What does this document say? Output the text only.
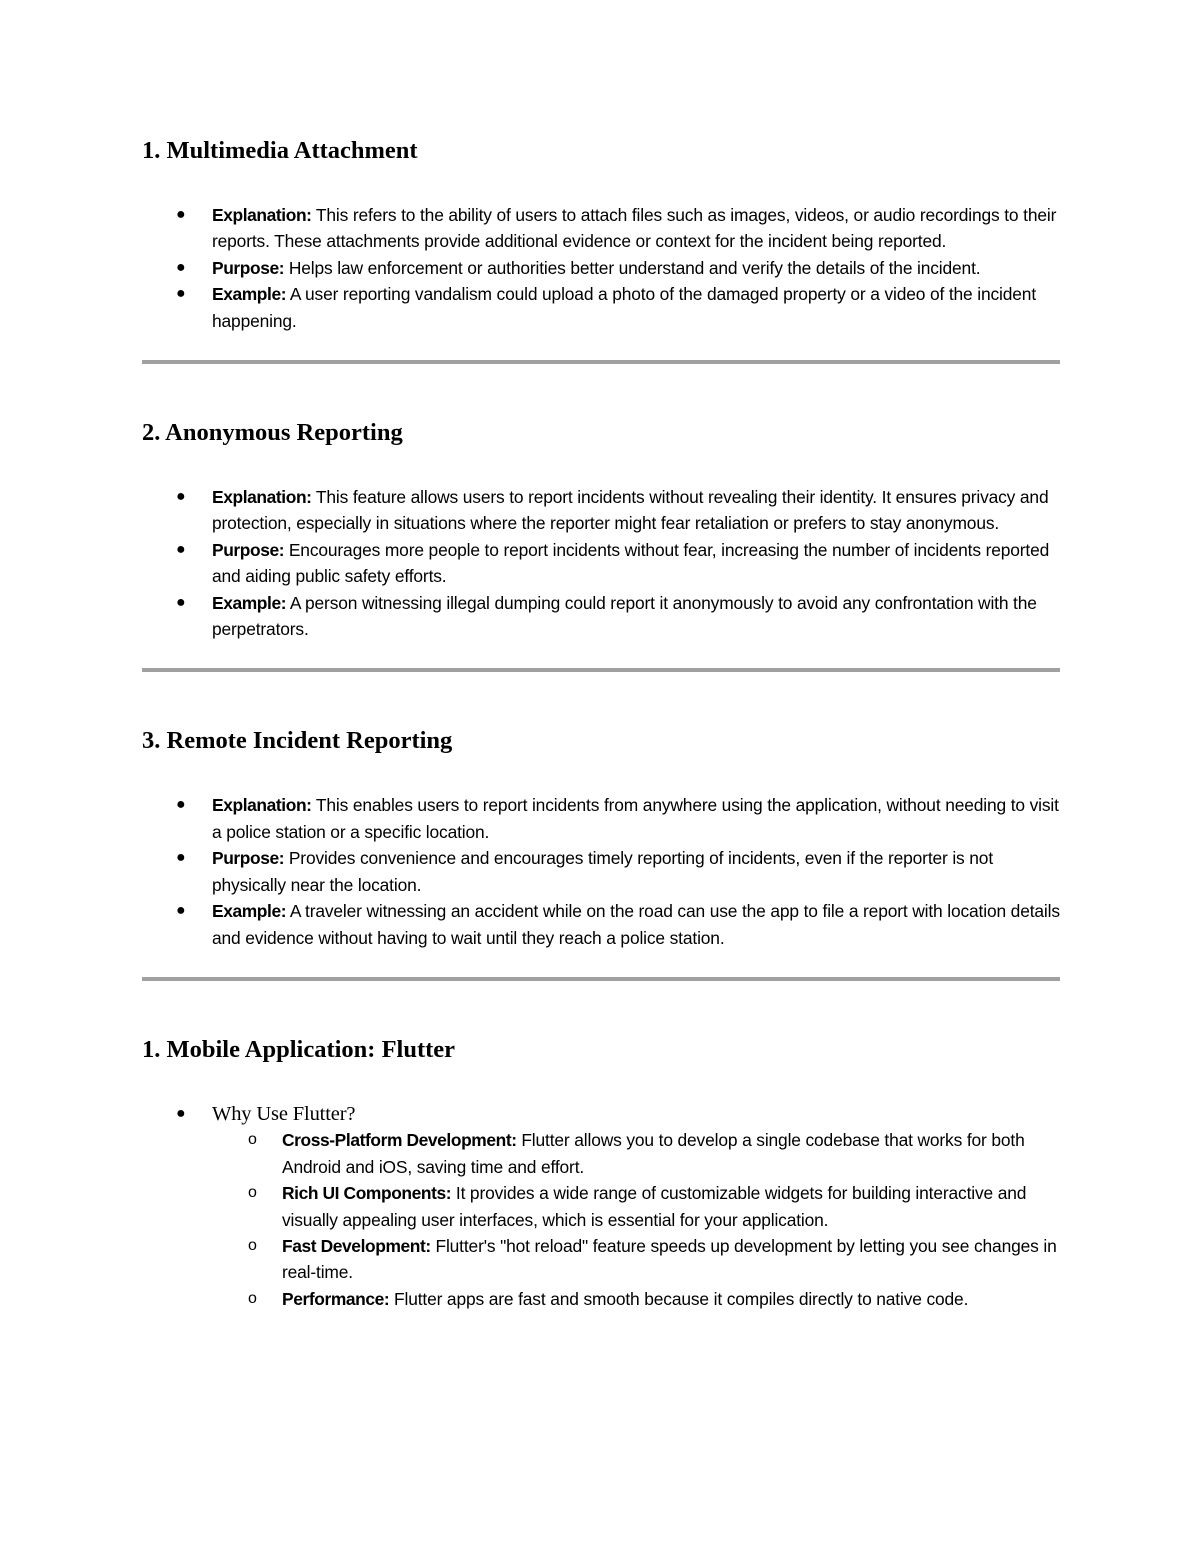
1. Multimedia Attachment
● Explanation: This refers to the ability of users to attach files such as images, videos, or audio recordings to their reports. These attachments provide additional evidence or context for the incident being reported.
● Purpose: Helps law enforcement or authorities better understand and verify the details of the incident.
● Example: A user reporting vandalism could upload a photo of the damaged property or a video of the incident happening.
2. Anonymous Reporting
● Explanation: This feature allows users to report incidents without revealing their identity. It ensures privacy and protection, especially in situations where the reporter might fear retaliation or prefers to stay anonymous.
● Purpose: Encourages more people to report incidents without fear, increasing the number of incidents reported and aiding public safety efforts.
● Example: A person witnessing illegal dumping could report it anonymously to avoid any confrontation with the perpetrators.
3. Remote Incident Reporting
● Explanation: This enables users to report incidents from anywhere using the application, without needing to visit a police station or a specific location.
● Purpose: Provides convenience and encourages timely reporting of incidents, even if the reporter is not physically near the location.
● Example: A traveler witnessing an accident while on the road can use the app to file a report with location details and evidence without having to wait until they reach a police station.
1. Mobile Application: Flutter
● Why Use Flutter?
o Cross-Platform Development: Flutter allows you to develop a single codebase that works for both Android and iOS, saving time and effort.
o Rich UI Components: It provides a wide range of customizable widgets for building interactive and visually appealing user interfaces, which is essential for your application.
o Fast Development: Flutter's "hot reload" feature speeds up development by letting you see changes in real-time.
o Performance: Flutter apps are fast and smooth because it compiles directly to native code.
